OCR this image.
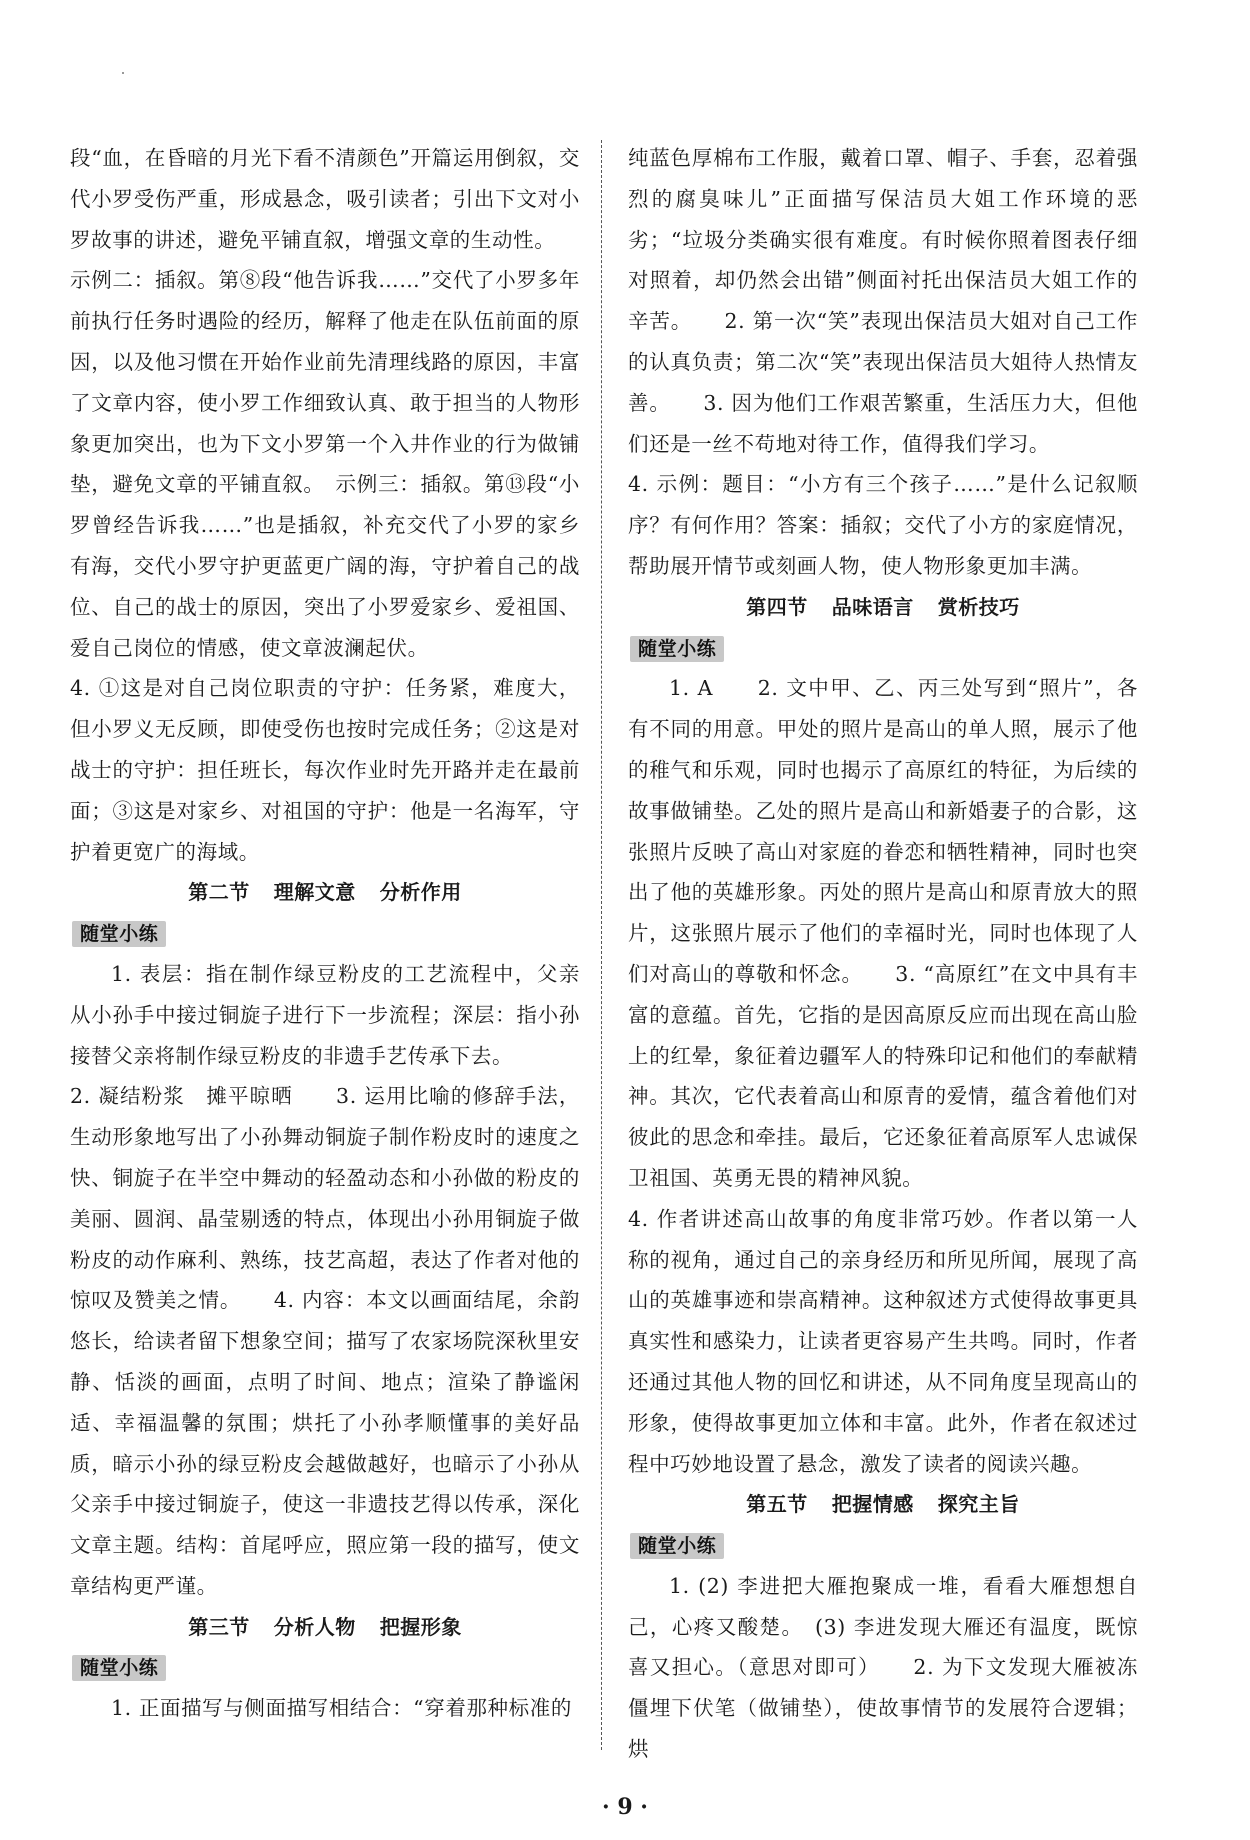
段“血，在昏暗的月光下看不清颜色”开篇运用倒叙，交代小罗受伤严重，形成悬念，吸引读者；引出下文对小罗故事的讲述，避免平铺直叙，增强文章的生动性。

示例二：插叙。第⑧段“他告诉我……”交代了小罗多年前执行任务时遇险的经历，解释了他走在队伍前面的原因，以及他习惯在开始作业前先清理线路的原因，丰富了文章内容，使小罗工作细致认真、敢于担当的人物形象更加突出，也为下文小罗第一个入井作业的行为做铺垫，避免文章的平铺直叙。　示例三：插叙。第⑬段“小罗曾经告诉我……”也是插叙，补充交代了小罗的家乡有海，交代小罗守护更蓝更广阔的海，守护着自己的战位、自己的战士的原因，突出了小罗爱家乡、爱祖国、爱自己岗位的情感，使文章波澜起伏。

4. ①这是对自己岗位职责的守护：任务紧，难度大，但小罗义无反顾，即使受伤也按时完成任务；②这是对战士的守护：担任班长，每次作业时先开路并走在最前面；③这是对家乡、对祖国的守护：他是一名海军，守护着更宽广的海域。

第二节 理解文意 分析作用
随堂小练

1. 表层：指在制作绿豆粉皮的工艺流程中，父亲从小孙手中接过铜旋子进行下一步流程；深层：指小孙接替父亲将制作绿豆粉皮的非遗手艺传承下去。

2. 凝结粉浆　摊平晾晒　　3. 运用比喻的修辞手法，生动形象地写出了小孙舞动铜旋子制作粉皮时的速度之快、铜旋子在半空中舞动的轻盈动态和小孙做的粉皮的美丽、圆润、晶莹剔透的特点，体现出小孙用铜旋子做粉皮的动作麻利、熟练，技艺高超，表达了作者对他的惊叹及赞美之情。　　4. 内容：本文以画面结尾，余韵悠长，给读者留下想象空间；描写了农家场院深秋里安静、恬淡的画面，点明了时间、地点；渲染了静谧闲适、幸福温馨的氛围；烘托了小孙孝顺懂事的美好品质，暗示小孙的绿豆粉皮会越做越好，也暗示了小孙从父亲手中接过铜旋子，使这一非遗技艺得以传承，深化文章主题。结构：首尾呼应，照应第一段的描写，使文章结构更严谨。

第三节 分析人物 把握形象
随堂小练

1. 正面描写与侧面描写相结合：“穿着那种标准的

纯蓝色厚棉布工作服，戴着口罩、帽子、手套，忍着强烈的腐臭味儿”正面描写保洁员大姐工作环境的恶劣；“垃圾分类确实很有难度。有时候你照着图表仔细对照着，却仍然会出错”侧面衬托出保洁员大姐工作的辛苦。　　2. 第一次“笑”表现出保洁员大姐对自己工作的认真负责；第二次“笑”表现出保洁员大姐待人热情友善。　　3. 因为他们工作艰苦繁重，生活压力大，但他们还是一丝不苟地对待工作，值得我们学习。

4. 示例：题目：“小方有三个孩子……”是什么记叙顺序？有何作用？答案：插叙；交代了小方的家庭情况，帮助展开情节或刻画人物，使人物形象更加丰满。

第四节 品味语言 赏析技巧
随堂小练

1. A　　2. 文中甲、乙、丙三处写到“照片”，各有不同的用意。甲处的照片是高山的单人照，展示了他的稚气和乐观，同时也揭示了高原红的特征，为后续的故事做铺垫。乙处的照片是高山和新婚妻子的合影，这张照片反映了高山对家庭的眷恋和牺牲精神，同时也突出了他的英雄形象。丙处的照片是高山和原青放大的照片，这张照片展示了他们的幸福时光，同时也体现了人们对高山的尊敬和怀念。　　3. “高原红”在文中具有丰富的意蕴。首先，它指的是因高原反应而出现在高山脸上的红晕，象征着边疆军人的特殊印记和他们的奉献精神。其次，它代表着高山和原青的爱情，蕴含着他们对彼此的思念和牵挂。最后，它还象征着高原军人忠诚保卫祖国、英勇无畏的精神风貌。

4. 作者讲述高山故事的角度非常巧妙。作者以第一人称的视角，通过自己的亲身经历和所见所闻，展现了高山的英雄事迹和崇高精神。这种叙述方式使得故事更具真实性和感染力，让读者更容易产生共鸣。同时，作者还通过其他人物的回忆和讲述，从不同角度呈现高山的形象，使得故事更加立体和丰富。此外，作者在叙述过程中巧妙地设置了悬念，激发了读者的阅读兴趣。

第五节 把握情感 探究主旨
随堂小练

1. (2) 李进把大雁抱聚成一堆，看看大雁想想自己，心疼又酸楚。　(3) 李进发现大雁还有温度，既惊喜又担心。（意思对即可）　　2. 为下文发现大雁被冻僵埋下伏笔（做铺垫），使故事情节的发展符合逻辑；烘

· 9 ·
